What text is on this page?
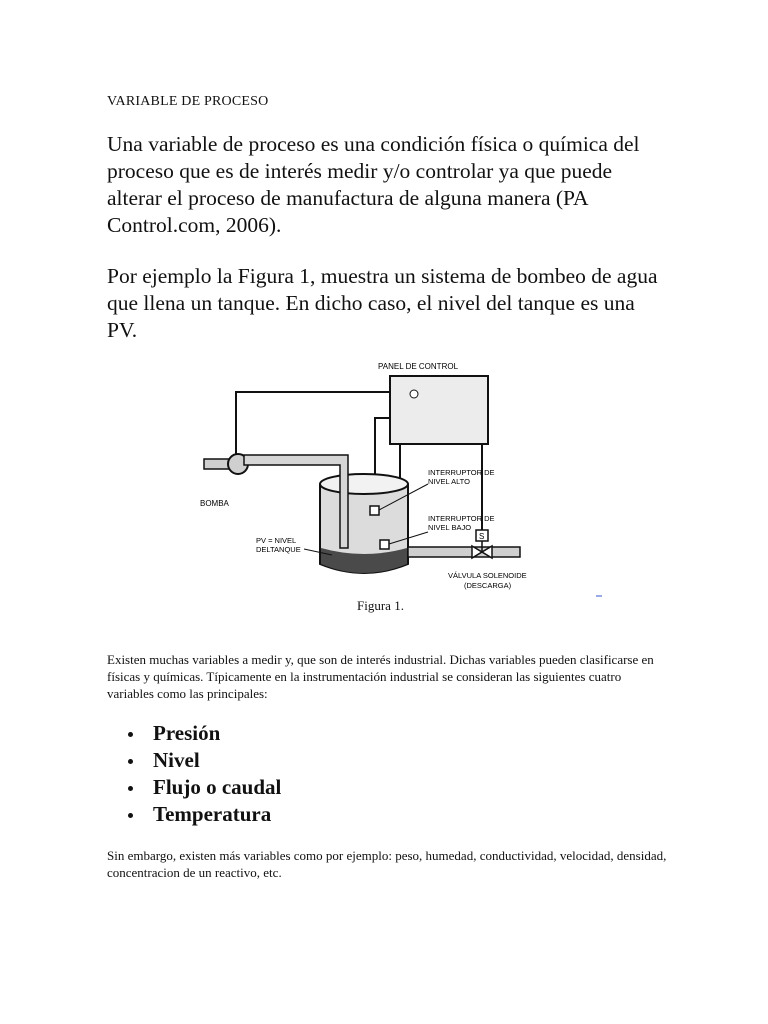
VARIABLE DE PROCESO

Una variable de proceso es una condición física o química del proceso que es de interés medir y/o controlar ya que puede alterar el proceso de manufactura de alguna manera (PA Control.com, 2006).

Por ejemplo la Figura 1, muestra un sistema de bombeo de agua que llena un tanque. En dicho caso, el nivel del tanque es una PV.

PANEL DE CONTROL
BOMBA
INTERRUPTOR DE
NIVEL ALTO
INTERRUPTOR DE
NIVEL BAJO
PV = NIVEL
DELTANQUE
S
VÁLVULA SOLENOIDE
(DESCARGA)
Figura 1.

Existen muchas variables a medir y, que son de interés industrial. Dichas variables pueden clasificarse en físicas y químicas. Típicamente en la instrumentación industrial se consideran las siguientes cuatro variables como las principales:

Presión
Nivel
Flujo o caudal
Temperatura

Sin embargo, existen más variables como por ejemplo: peso, humedad, conductividad, velocidad, densidad, concentracion de un reactivo, etc.
